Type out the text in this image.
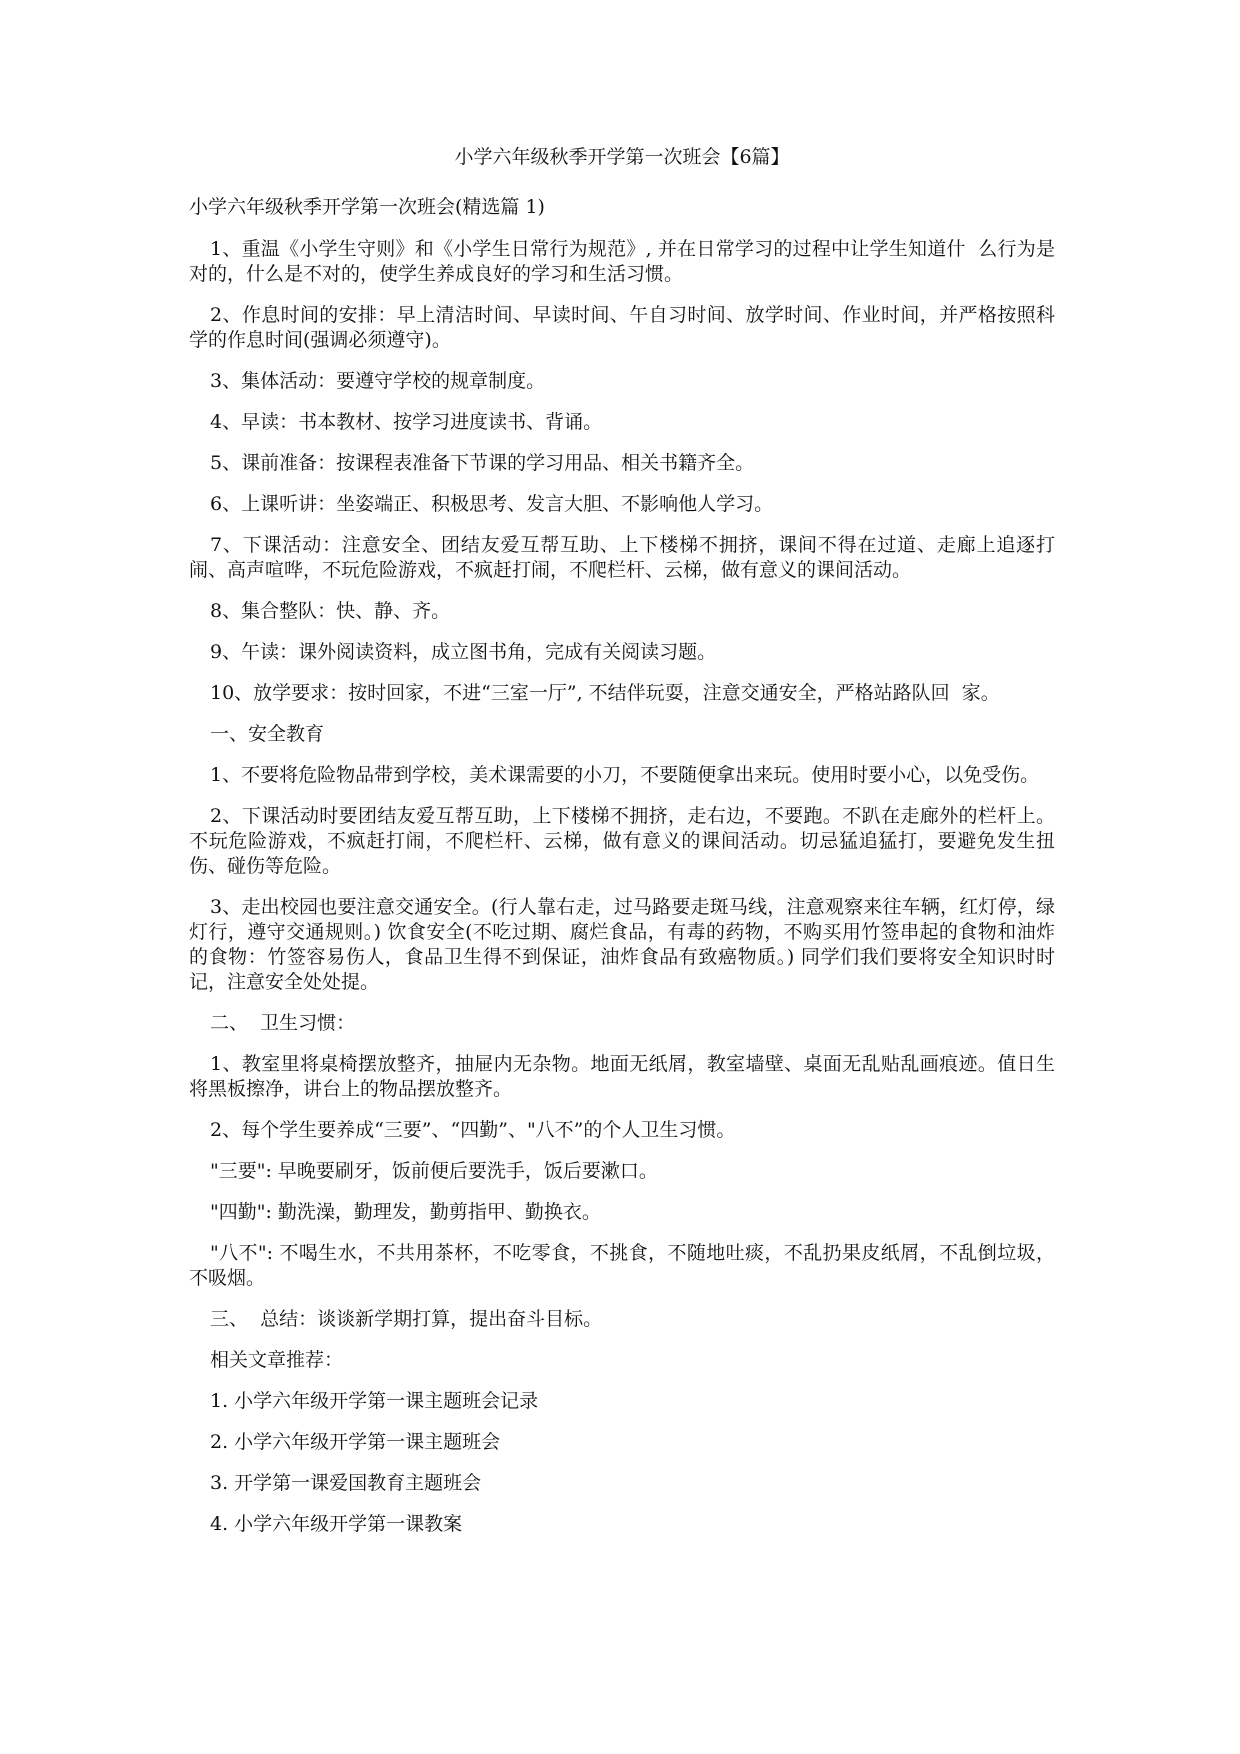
小学六年级秋季开学第一次班会【6篇】
小学六年级秋季开学第一次班会(精选篇 1)

1、重温《小学生守则》和《小学生日常行为规范》, 并在日常学习的过程中让学生知道什  么行为是对的，什么是不对的，使学生养成良好的学习和生活习惯。

2、作息时间的安排：早上清洁时间、早读时间、午自习时间、放学时间、作业时间，并严格按照科学的作息时间(强调必须遵守)。

3、集体活动：要遵守学校的规章制度。

4、早读：书本教材、按学习进度读书、背诵。

5、课前准备：按课程表准备下节课的学习用品、相关书籍齐全。

6、上课听讲：坐姿端正、积极思考、发言大胆、不影响他人学习。

7、下课活动：注意安全、团结友爱互帮互助、上下楼梯不拥挤，课间不得在过道、走廊上追逐打闹、高声喧哗，不玩危险游戏，不疯赶打闹，不爬栏杆、云梯，做有意义的课间活动。

8、集合整队：快、静、齐。

9、午读：课外阅读资料，成立图书角，完成有关阅读习题。

10、放学要求：按时回家，不进“三室一厅”, 不结伴玩耍，注意交通安全，严格站路队回  家。

一、安全教育

1、不要将危险物品带到学校，美术课需要的小刀，不要随便拿出来玩。使用时要小心，以免受伤。

2、下课活动时要团结友爱互帮互助，上下楼梯不拥挤，走右边，不要跑。不趴在走廊外的栏杆上。不玩危险游戏，不疯赶打闹，不爬栏杆、云梯，做有意义的课间活动。切忌猛追猛打，要避免发生扭伤、碰伤等危险。

3、走出校园也要注意交通安全。(行人靠右走，过马路要走斑马线，注意观察来往车辆，红灯停，绿灯行，遵守交通规则。) 饮食安全(不吃过期、腐烂食品，有毒的药物，不购买用竹签串起的食物和油炸的食物：竹签容易伤人，食品卫生得不到保证，油炸食品有致癌物质。) 同学们我们要将安全知识时时记，注意安全处处提。

二、  卫生习惯：

1、教室里将桌椅摆放整齐，抽屉内无杂物。地面无纸屑，教室墙壁、桌面无乱贴乱画痕迹。值日生将黑板擦净，讲台上的物品摆放整齐。

2、每个学生要养成“三要”、“四勤”、"八不”的个人卫生习惯。

"三要": 早晚要刷牙，饭前便后要洗手，饭后要漱口。

"四勤": 勤洗澡，勤理发，勤剪指甲、勤换衣。

"八不": 不喝生水，不共用茶杯，不吃零食，不挑食，不随地吐痰，不乱扔果皮纸屑，不乱倒垃圾，不吸烟。

三、  总结：谈谈新学期打算，提出奋斗目标。

相关文章推荐：

1. 小学六年级开学第一课主题班会记录

2. 小学六年级开学第一课主题班会

3. 开学第一课爱国教育主题班会

4. 小学六年级开学第一课教案
